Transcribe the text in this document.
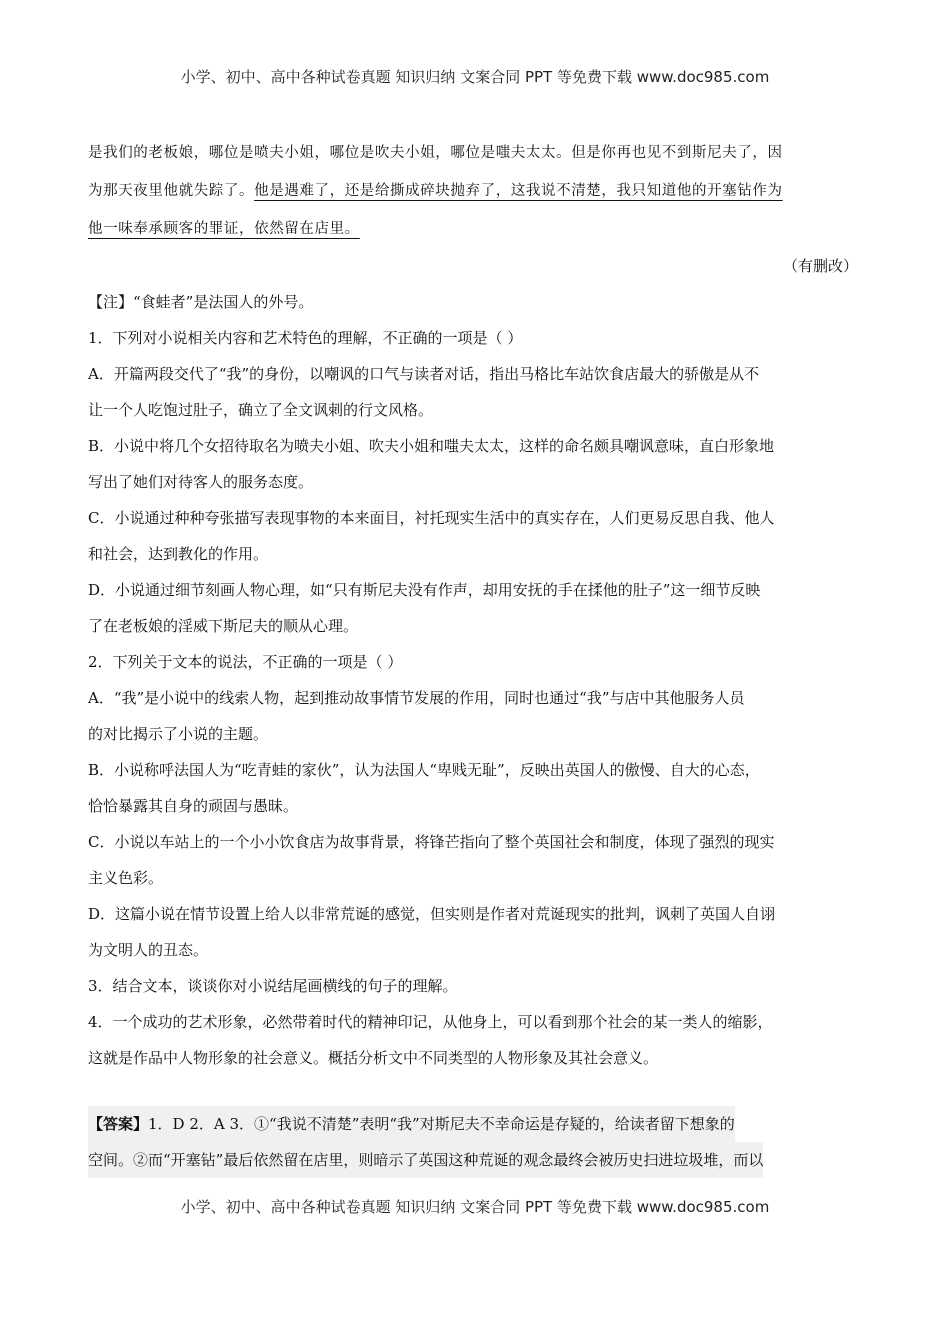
小学、初中、高中各种试卷真题 知识归纳 文案合同 PPT 等免费下载 www.doc985.com
是我们的老板娘，哪位是喷夫小姐，哪位是吹夫小姐，哪位是嗤夫太太。但是你再也见不到斯尼夫了，因
为那天夜里他就失踪了。他是遇难了，还是给撕成碎块抛弃了，这我说不清楚，我只知道他的开塞钻作为
他一味奉承顾客的罪证，依然留在店里。
（有删改）
【注】“食蛙者”是法国人的外号。
1．下列对小说相关内容和艺术特色的理解，不正确的一项是（ ）
A．开篇两段交代了“我”的身份，以嘲讽的口气与读者对话，指出马格比车站饮食店最大的骄傲是从不
让一个人吃饱过肚子，确立了全文讽刺的行文风格。
B．小说中将几个女招待取名为喷夫小姐、吹夫小姐和嗤夫太太，这样的命名颇具嘲讽意味，直白形象地
写出了她们对待客人的服务态度。
C．小说通过种种夸张描写表现事物的本来面目，衬托现实生活中的真实存在，人们更易反思自我、他人
和社会，达到教化的作用。
D．小说通过细节刻画人物心理，如“只有斯尼夫没有作声，却用安抚的手在揉他的肚子”这一细节反映
了在老板娘的淫威下斯尼夫的顺从心理。
2．下列关于文本的说法，不正确的一项是（ ）
A．“我”是小说中的线索人物，起到推动故事情节发展的作用，同时也通过“我”与店中其他服务人员
的对比揭示了小说的主题。
B．小说称呼法国人为“吃青蛙的家伙”，认为法国人“卑贱无耻”，反映出英国人的傲慢、自大的心态，
恰恰暴露其自身的顽固与愚昧。
C．小说以车站上的一个小小饮食店为故事背景，将锋芒指向了整个英国社会和制度，体现了强烈的现实
主义色彩。
D．这篇小说在情节设置上给人以非常荒诞的感觉，但实则是作者对荒诞现实的批判，讽刺了英国人自诩
为文明人的丑态。
3．结合文本，谈谈你对小说结尾画横线的句子的理解。
4．一个成功的艺术形象，必然带着时代的精神印记，从他身上，可以看到那个社会的某一类人的缩影，
这就是作品中人物形象的社会意义。概括分析文中不同类型的人物形象及其社会意义。
【答案】1．D 2．A 3．①“我说不清楚”表明“我”对斯尼夫不幸命运是存疑的，给读者留下想象的
空间。②而“开塞钻”最后依然留在店里，则暗示了英国这种荒诞的观念最终会被历史扫进垃圾堆，而以
小学、初中、高中各种试卷真题 知识归纳 文案合同 PPT 等免费下载 www.doc985.com
